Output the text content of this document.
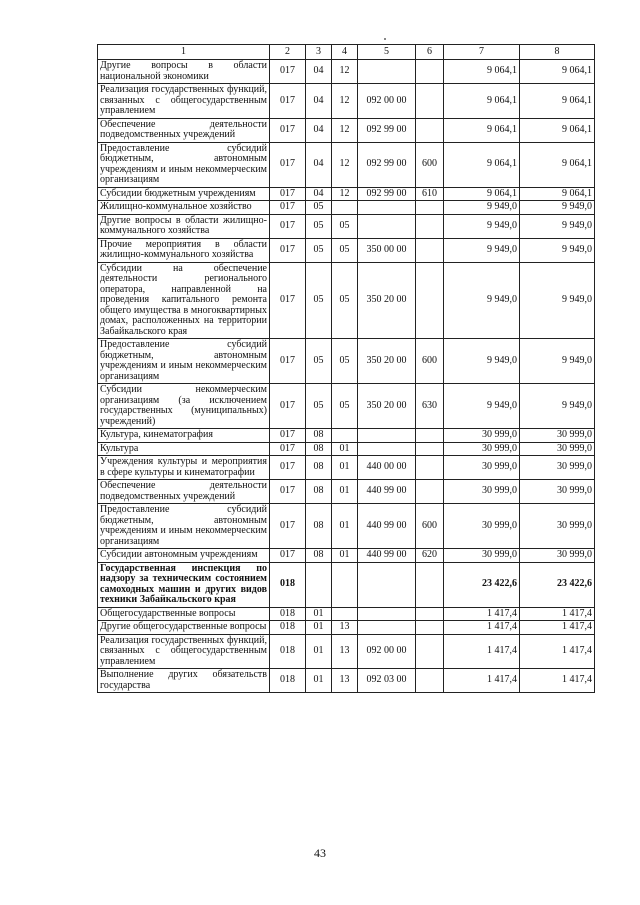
1	2	3	4	5	6	7	8
Другие вопросы в области национальной экономики	017	04	12			9 064,1	9 064,1
Реализация государственных функций, связанных с общегосударственным управлением	017	04	12	092 00 00		9 064,1	9 064,1
Обеспечение деятельности подведомственных учреждений	017	04	12	092 99 00		9 064,1	9 064,1
Предоставление субсидий бюджетным, автономным учреждениям и иным некоммерческим организациям	017	04	12	092 99 00	600	9 064,1	9 064,1
Субсидии бюджетным учреждениям	017	04	12	092 99 00	610	9 064,1	9 064,1
Жилищно-коммунальное хозяйство	017	05				9 949,0	9 949,0
Другие вопросы в области жилищно-коммунального хозяйства	017	05	05			9 949,0	9 949,0
Прочие мероприятия в области жилищно-коммунального хозяйства	017	05	05	350 00 00		9 949,0	9 949,0
Субсидии на обеспечение деятельности регионального оператора, направленной на проведения капитального ремонта общего имущества в многоквартирных домах, расположенных на территории Забайкальского края	017	05	05	350 20 00		9 949,0	9 949,0
Предоставление субсидий бюджетным, автономным учреждениям и иным некоммерческим организациям	017	05	05	350 20 00	600	9 949,0	9 949,0
Субсидии некоммерческим организациям (за исключением государственных (муниципальных) учреждений)	017	05	05	350 20 00	630	9 949,0	9 949,0
Культура, кинематография	017	08				30 999,0	30 999,0
Культура	017	08	01			30 999,0	30 999,0
Учреждения культуры и мероприятия в сфере культуры и кинематографии	017	08	01	440 00 00		30 999,0	30 999,0
Обеспечение деятельности подведомственных учреждений	017	08	01	440 99 00		30 999,0	30 999,0
Предоставление субсидий бюджетным, автономным учреждениям и иным некоммерческим организациям	017	08	01	440 99 00	600	30 999,0	30 999,0
Субсидии автономным учреждениям	017	08	01	440 99 00	620	30 999,0	30 999,0
Государственная инспекция по надзору за техническим состоянием самоходных машин и других видов техники Забайкальского края	018					23 422,6	23 422,6
Общегосударственные вопросы	018	01				1 417,4	1 417,4
Другие общегосударственные вопросы	018	01	13			1 417,4	1 417,4
Реализация государственных функций, связанных с общегосударственным управлением	018	01	13	092 00 00		1 417,4	1 417,4
Выполнение других обязательств государства	018	01	13	092 03 00		1 417,4	1 417,4
43
